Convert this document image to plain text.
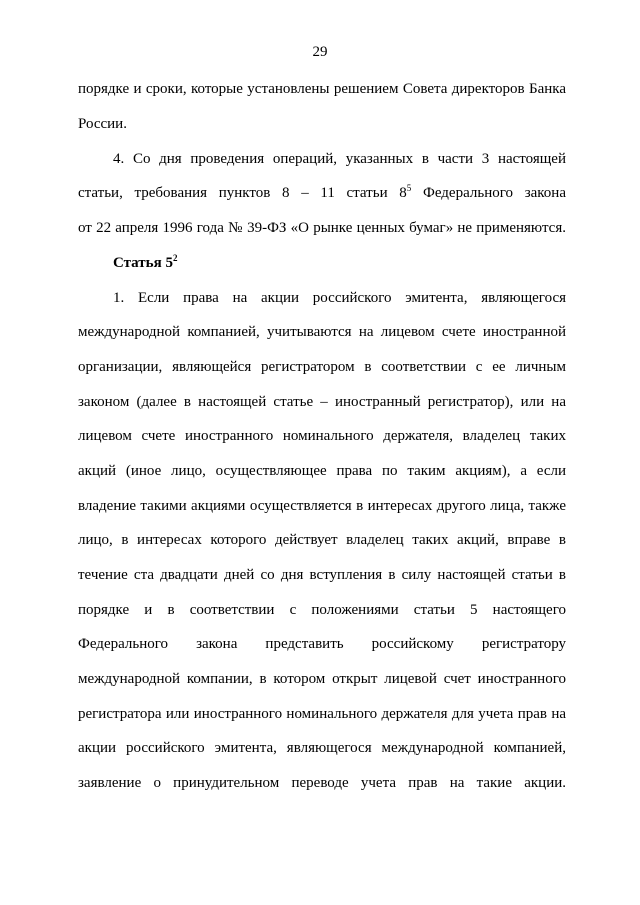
29
порядке и сроки, которые установлены решением Совета директоров Банка
России.
4. Со дня проведения операций, указанных в части 3 настоящей
статьи, требования пунктов 8 – 11 статьи $8^5$ Федерального закона
от 22 апреля 1996 года № 39-ФЗ «О рынке ценных бумаг» не применяются.
Статья $5^2$
1. Если права на акции российского эмитента, являющегося
международной компанией, учитываются на лицевом счете иностранной
организации, являющейся регистратором в соответствии с ее личным
законом (далее в настоящей статье – иностранный регистратор), или на
лицевом счете иностранного номинального держателя, владелец таких
акций (иное лицо, осуществляющее права по таким акциям), а если
владение такими акциями осуществляется в интересах другого лица, также
лицо, в интересах которого действует владелец таких акций, вправе в
течение ста двадцати дней со дня вступления в силу настоящей статьи в
порядке и в соответствии с положениями статьи 5 настоящего
Федерального закона представить российскому регистратору
международной компании, в котором открыт лицевой счет иностранного
регистратора или иностранного номинального держателя для учета прав на
акции российского эмитента, являющегося международной компанией,
заявление о принудительном переводе учета прав на такие акции.
